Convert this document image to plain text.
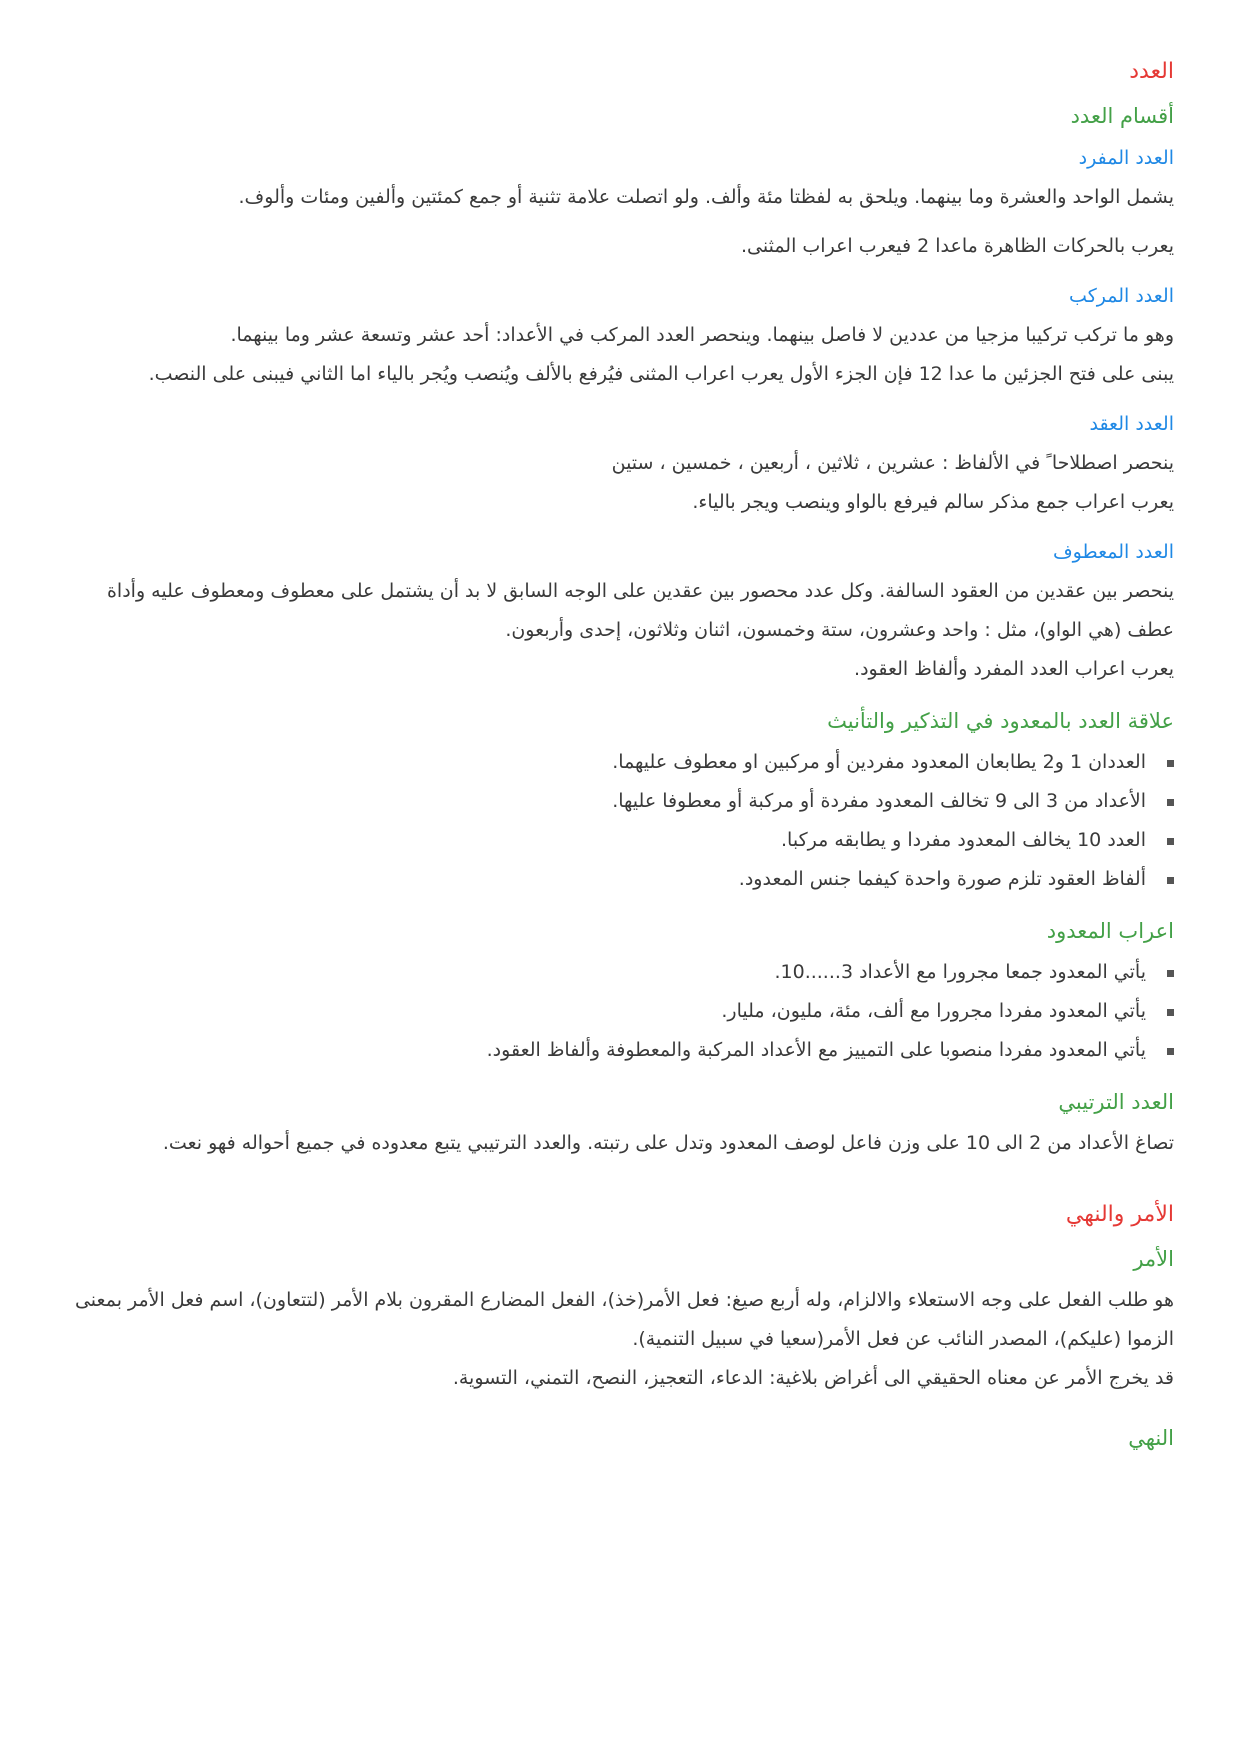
العدد
أقسام العدد
العدد المفرد

يشمل الواحد والعشرة وما بينهما. ويلحق به لفظتا مئة وألف. ولو اتصلت علامة تثنية أو جمع كمئتين وألفين ومئات وألوف.

يعرب بالحركات الظاهرة ماعدا 2 فيعرب اعراب المثنى.

العدد المركب

وهو ما تركب تركيبا مزجيا من عددين لا فاصل بينهما. وينحصر العدد المركب في الأعداد: أحد عشر وتسعة عشر وما بينهما.

يبنى على فتح الجزئين ما عدا 12 فإن الجزء الأول يعرب اعراب المثنى فيُرفع بالألف ويُنصب ويُجر بالياء اما الثاني فيبنى على النصب.

العدد العقد

ينحصر اصطلاحا ً في الألفاظ : عشرين ، ثلاثين ، أربعين ، خمسين ، ستين

يعرب اعراب جمع مذكر سالم فيرفع بالواو وينصب ويجر بالياء.

العدد المعطوف

ينحصر بين عقدين من العقود السالفة. وكل عدد محصور بين عقدين على الوجه السابق لا بد أن يشتمل على معطوف ومعطوف عليه وأداة عطف (هي الواو)، مثل : واحد وعشرون، ستة وخمسون، اثنان وثلاثون، إحدى وأربعون.

يعرب اعراب العدد المفرد وألفاظ العقود.

علاقة العدد بالمعدود في التذكير والتأنيث
العددان 1 و2 يطابعان المعدود مفردين أو مركبين او معطوف عليهما.
الأعداد من 3 الى 9 تخالف المعدود مفردة أو مركبة أو معطوفا عليها.
العدد 10 يخالف المعدود مفردا و يطابقه مركبا.
ألفاظ العقود تلزم صورة واحدة كيفما جنس المعدود.
اعراب المعدود
يأتي المعدود جمعا مجرورا مع الأعداد 3......10.
يأتي المعدود مفردا مجرورا مع ألف، مئة، مليون، مليار.
يأتي المعدود مفردا منصوبا على التمييز مع الأعداد المركبة والمعطوفة وألفاظ العقود.
العدد الترتيبي

تصاغ الأعداد من 2 الى 10 على وزن فاعل لوصف المعدود وتدل على رتبته. والعدد الترتيبي يتبع معدوده في جميع أحواله فهو نعت.

الأمر والنهي
الأمر

هو طلب الفعل على وجه الاستعلاء والالزام، وله أربع صيغ: فعل الأمر(خذ)، الفعل المضارع المقرون بلام الأمر (لتتعاون)، اسم فعل الأمر بمعنى الزموا (عليكم)، المصدر النائب عن فعل الأمر(سعيا في سبيل التنمية).

قد يخرج الأمر عن معناه الحقيقي الى أغراض بلاغية: الدعاء، التعجيز، النصح، التمني، التسوية.

النهي
